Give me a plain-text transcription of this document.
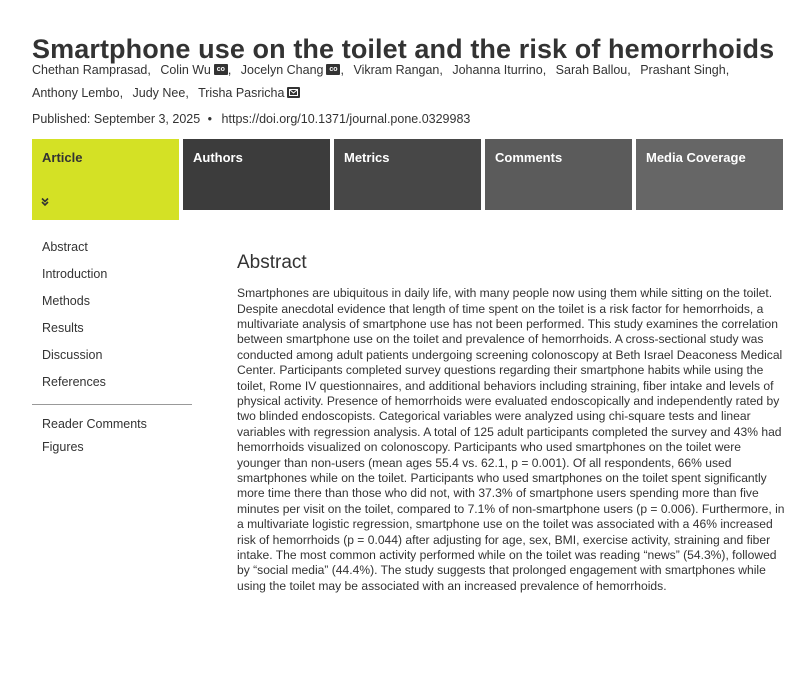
Smartphone use on the toilet and the risk of hemorrhoids
Chethan Ramprasad, Colin Wu co , Jocelyn Chang co , Vikram Rangan, Johanna Iturrino, Sarah Ballou, Prashant Singh,
Anthony Lembo, Judy Nee, Trisha Pasricha
Published: September 3, 2025 • https://doi.org/10.1371/journal.pone.0329983
Article	Authors	Metrics	Comments	Media Coverage
Abstract
Introduction
Methods
Results
Discussion
References
Reader Comments
Figures
Abstract

Smartphones are ubiquitous in daily life, with many people now using them while sitting on the toilet. Despite anecdotal evidence that length of time spent on the toilet is a risk factor for hemorrhoids, a multivariate analysis of smartphone use has not been performed. This study examines the correlation between smartphone use on the toilet and prevalence of hemorrhoids. A cross-sectional study was conducted among adult patients undergoing screening colonoscopy at Beth Israel Deaconess Medical Center. Participants completed survey questions regarding their smartphone habits while using the toilet, Rome IV questionnaires, and additional behaviors including straining, fiber intake and levels of physical activity. Presence of hemorrhoids were evaluated endoscopically and independently rated by two blinded endoscopists. Categorical variables were analyzed using chi-square tests and linear variables with regression analysis. A total of 125 adult participants completed the survey and 43% had hemorrhoids visualized on colonoscopy. Participants who used smartphones on the toilet were younger than non-users (mean ages 55.4 vs. 62.1, p = 0.001). Of all respondents, 66% used smartphones while on the toilet. Participants who used smartphones on the toilet spent significantly more time there than those who did not, with 37.3% of smartphone users spending more than five minutes per visit on the toilet, compared to 7.1% of non-smartphone users (p = 0.006). Furthermore, in a multivariate logistic regression, smartphone use on the toilet was associated with a 46% increased risk of hemorrhoids (p = 0.044) after adjusting for age, sex, BMI, exercise activity, straining and fiber intake. The most common activity performed while on the toilet was reading “news” (54.3%), followed by “social media” (44.4%). The study suggests that prolonged engagement with smartphones while using the toilet may be associated with an increased prevalence of hemorrhoids.
